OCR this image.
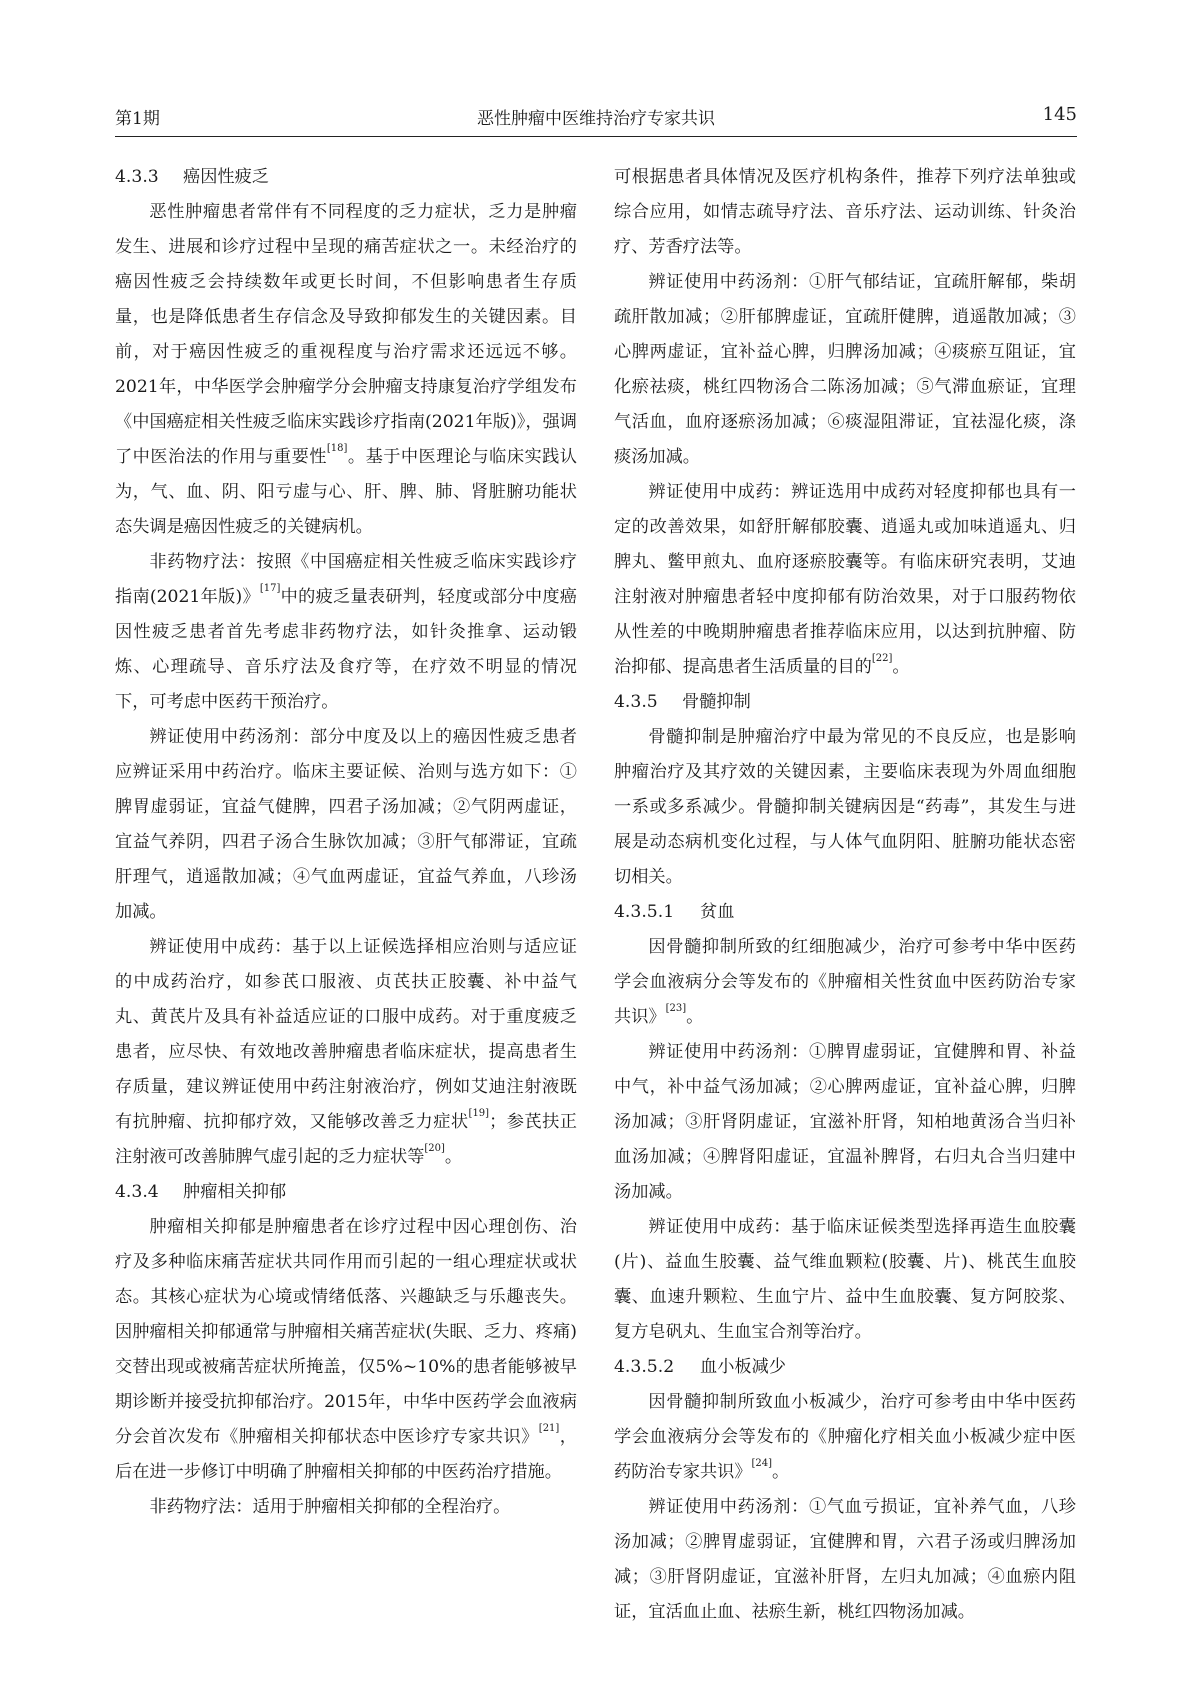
第1期	恶性肿瘤中医维持治疗专家共识	145
4.3.3 癌因性疲乏

恶性肿瘤患者常伴有不同程度的乏力症状，乏力是肿瘤发生、进展和诊疗过程中呈现的痛苦症状之一。未经治疗的癌因性疲乏会持续数年或更长时间，不但影响患者生存质量，也是降低患者生存信念及导致抑郁发生的关键因素。目前，对于癌因性疲乏的重视程度与治疗需求还远远不够。2021年，中华医学会肿瘤学分会肿瘤支持康复治疗学组发布《中国癌症相关性疲乏临床实践诊疗指南(2021年版)》，强调了中医治法的作用与重要性[18]。基于中医理论与临床实践认为，气、血、阴、阳亏虚与心、肝、脾、肺、肾脏腑功能状态失调是癌因性疲乏的关键病机。

非药物疗法：按照《中国癌症相关性疲乏临床实践诊疗指南(2021年版)》[17]中的疲乏量表研判，轻度或部分中度癌因性疲乏患者首先考虑非药物疗法，如针灸推拿、运动锻炼、心理疏导、音乐疗法及食疗等，在疗效不明显的情况下，可考虑中医药干预治疗。

辨证使用中药汤剂：部分中度及以上的癌因性疲乏患者应辨证采用中药治疗。临床主要证候、治则与选方如下：①脾胃虚弱证，宜益气健脾，四君子汤加减；②气阴两虚证，宜益气养阴，四君子汤合生脉饮加减；③肝气郁滞证，宜疏肝理气，逍遥散加减；④气血两虚证，宜益气养血，八珍汤加减。

辨证使用中成药：基于以上证候选择相应治则与适应证的中成药治疗，如参芪口服液、贞芪扶正胶囊、补中益气丸、黄芪片及具有补益适应证的口服中成药。对于重度疲乏患者，应尽快、有效地改善肿瘤患者临床症状，提高患者生存质量，建议辨证使用中药注射液治疗，例如艾迪注射液既有抗肿瘤、抗抑郁疗效，又能够改善乏力症状[19]；参芪扶正注射液可改善肺脾气虚引起的乏力症状等[20]。

4.3.4 肿瘤相关抑郁

肿瘤相关抑郁是肿瘤患者在诊疗过程中因心理创伤、治疗及多种临床痛苦症状共同作用而引起的一组心理症状或状态。其核心症状为心境或情绪低落、兴趣缺乏与乐趣丧失。因肿瘤相关抑郁通常与肿瘤相关痛苦症状(失眠、乏力、疼痛)交替出现或被痛苦症状所掩盖，仅5%~10%的患者能够被早期诊断并接受抗抑郁治疗。2015年，中华中医药学会血液病分会首次发布《肿瘤相关抑郁状态中医诊疗专家共识》[21]，后在进一步修订中明确了肿瘤相关抑郁的中医药治疗措施。

非药物疗法：适用于肿瘤相关抑郁的全程治疗。

可根据患者具体情况及医疗机构条件，推荐下列疗法单独或综合应用，如情志疏导疗法、音乐疗法、运动训练、针灸治疗、芳香疗法等。

辨证使用中药汤剂：①肝气郁结证，宜疏肝解郁，柴胡疏肝散加减；②肝郁脾虚证，宜疏肝健脾，逍遥散加减；③心脾两虚证，宜补益心脾，归脾汤加减；④痰瘀互阻证，宜化瘀祛痰，桃红四物汤合二陈汤加减；⑤气滞血瘀证，宜理气活血，血府逐瘀汤加减；⑥痰湿阻滞证，宜祛湿化痰，涤痰汤加减。

辨证使用中成药：辨证选用中成药对轻度抑郁也具有一定的改善效果，如舒肝解郁胶囊、逍遥丸或加味逍遥丸、归脾丸、鳖甲煎丸、血府逐瘀胶囊等。有临床研究表明，艾迪注射液对肿瘤患者轻中度抑郁有防治效果，对于口服药物依从性差的中晚期肿瘤患者推荐临床应用，以达到抗肿瘤、防治抑郁、提高患者生活质量的目的[22]。

4.3.5 骨髓抑制

骨髓抑制是肿瘤治疗中最为常见的不良反应，也是影响肿瘤治疗及其疗效的关键因素，主要临床表现为外周血细胞一系或多系减少。骨髓抑制关键病因是“药毒”，其发生与进展是动态病机变化过程，与人体气血阴阳、脏腑功能状态密切相关。

4.3.5.1 贫血

因骨髓抑制所致的红细胞减少，治疗可参考中华中医药学会血液病分会等发布的《肿瘤相关性贫血中医药防治专家共识》[23]。

辨证使用中药汤剂：①脾胃虚弱证，宜健脾和胃、补益中气，补中益气汤加减；②心脾两虚证，宜补益心脾，归脾汤加减；③肝肾阴虚证，宜滋补肝肾，知柏地黄汤合当归补血汤加减；④脾肾阳虚证，宜温补脾肾，右归丸合当归建中汤加减。

辨证使用中成药：基于临床证候类型选择再造生血胶囊(片)、益血生胶囊、益气维血颗粒(胶囊、片)、桃芪生血胶囊、血速升颗粒、生血宁片、益中生血胶囊、复方阿胶浆、复方皂矾丸、生血宝合剂等治疗。

4.3.5.2 血小板减少

因骨髓抑制所致血小板减少，治疗可参考由中华中医药学会血液病分会等发布的《肿瘤化疗相关血小板减少症中医药防治专家共识》[24]。

辨证使用中药汤剂：①气血亏损证，宜补养气血，八珍汤加减；②脾胃虚弱证，宜健脾和胃，六君子汤或归脾汤加减；③肝肾阴虚证，宜滋补肝肾，左归丸加减；④血瘀内阻证，宜活血止血、祛瘀生新，桃红四物汤加减。
